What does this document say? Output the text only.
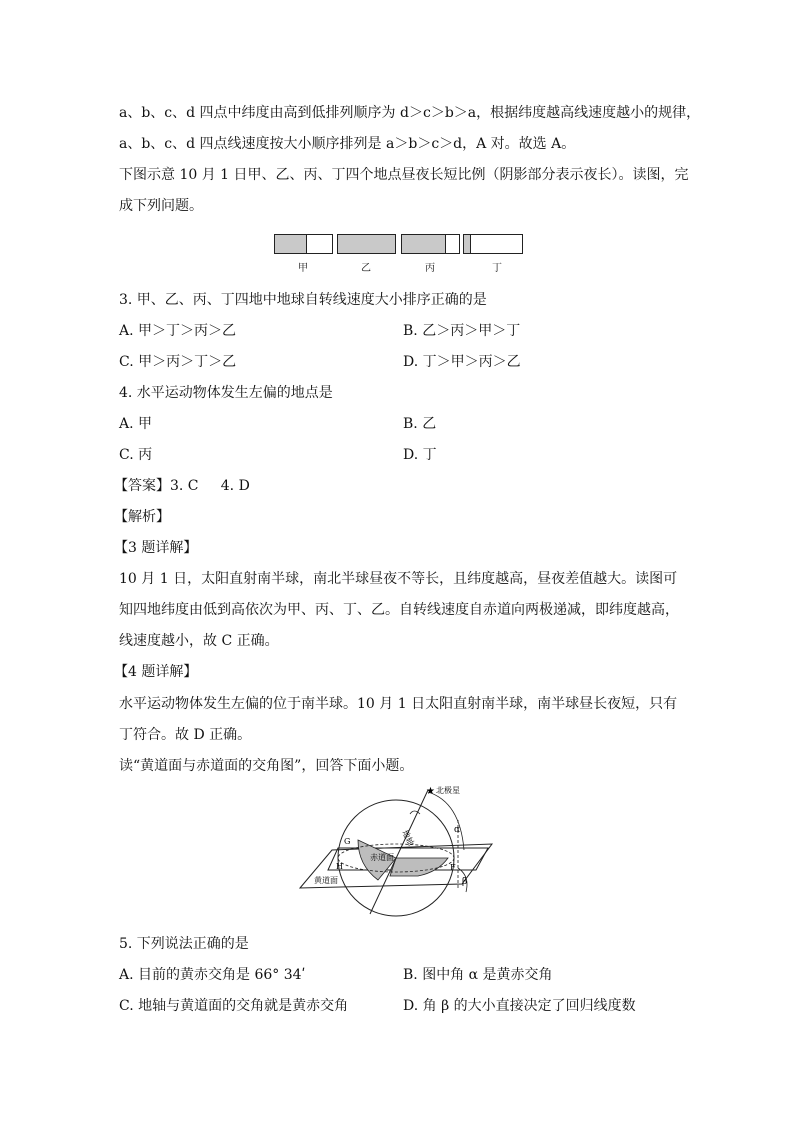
a、b、c、d 四点中纬度由高到低排列顺序为 d＞c＞b＞a，根据纬度越高线速度越小的规律，
a、b、c、d 四点线速度按大小顺序排列是 a＞b＞c＞d，A 对。故选 A。
下图示意 10 月 1 日甲、乙、丙、丁四个地点昼夜长短比例（阴影部分表示夜长）。读图，完
成下列问题。
甲	乙	丙	丁
3. 甲、乙、丙、丁四地中地球自转线速度大小排序正确的是
A. 甲＞丁＞丙＞乙	B. 乙＞丙＞甲＞丁
C. 甲＞丙＞丁＞乙	D. 丁＞甲＞丙＞乙
4. 水平运动物体发生左偏的地点是
A. 甲	B. 乙
C. 丙	D. 丁
【答案】3. C     4. D
【解析】
【3 题详解】
10 月 1 日，太阳直射南半球，南北半球昼夜不等长，且纬度越高，昼夜差值越大。读图可
知四地纬度由低到高依次为甲、丙、丁、乙。自转线速度自赤道向两极递减，即纬度越高，
线速度越小，故 C 正确。
【4 题详解】
水平运动物体发生左偏的位于南半球。10 月 1 日太阳直射南半球，南半球昼长夜短，只有
丁符合。故 D 正确。
读“黄道面与赤道面的交角图”，回答下面小题。
★ 北极星
地轴
赤道面
黄道面
G
H	F
α
β
5. 下列说法正确的是
A. 目前的黄赤交角是 66° 34ʹ	B. 图中角 α 是黄赤交角
C. 地轴与黄道面的交角就是黄赤交角	D. 角 β 的大小直接决定了回归线度数
